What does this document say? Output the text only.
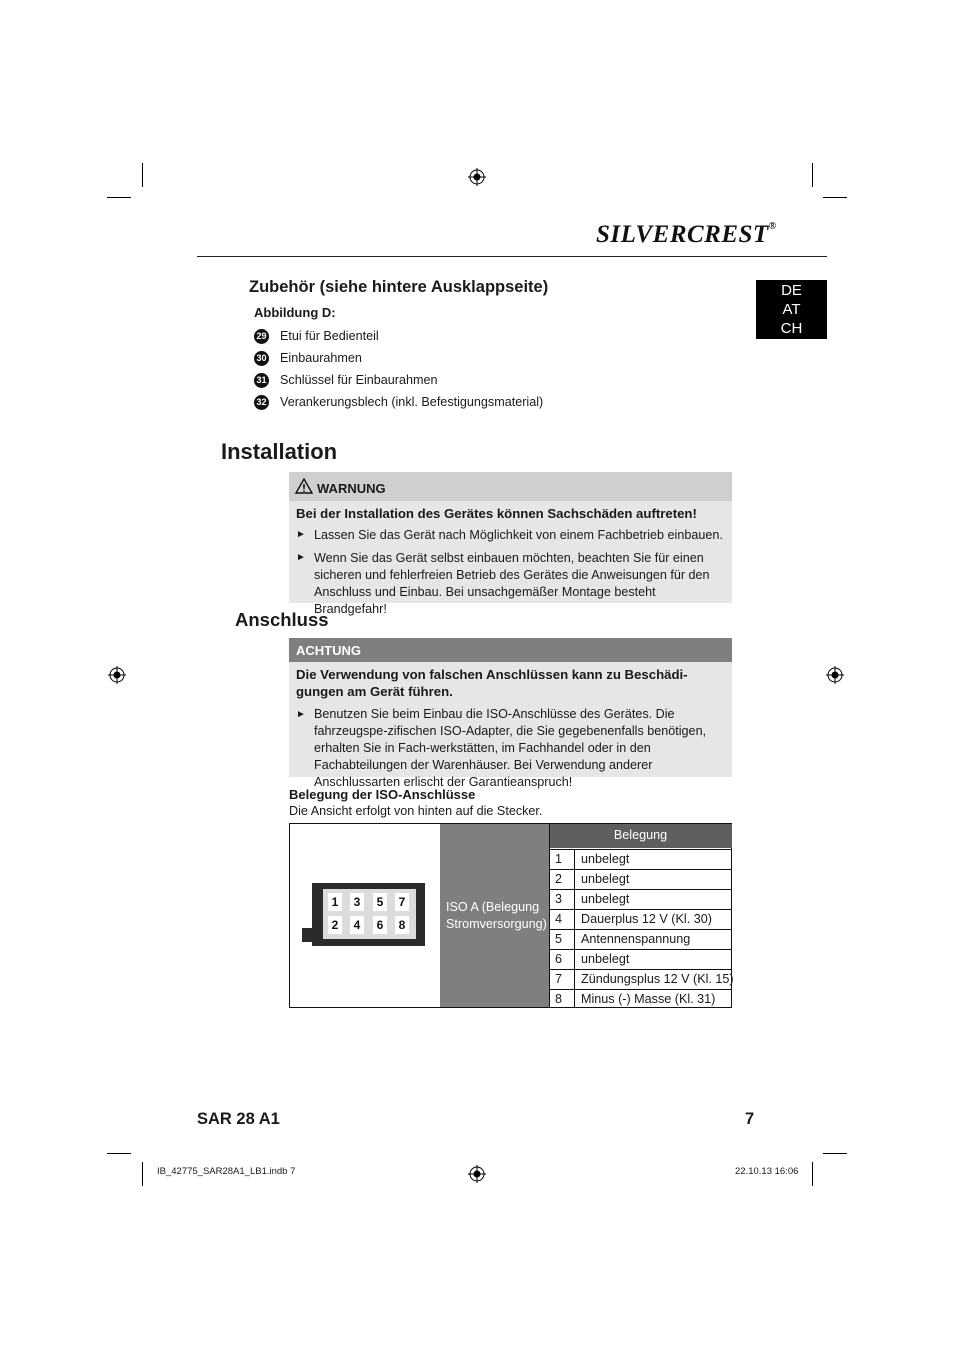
SILVERCREST®
DE
AT
CH
Zubehör (siehe hintere Ausklappseite)
Abbildung D:
29 Etui für Bedienteil
30 Einbaurahmen
31 Schlüssel für Einbaurahmen
32 Verankerungsblech (inkl. Befestigungsmaterial)
Installation
WARNUNG
Bei der Installation des Gerätes können Sachschäden auftreten!
► Lassen Sie das Gerät nach Möglichkeit von einem Fachbetrieb einbauen.
► Wenn Sie das Gerät selbst einbauen möchten, beachten Sie für einen sicheren und fehlerfreien Betrieb des Gerätes die Anweisungen für den Anschluss und Einbau. Bei unsachgemäßer Montage besteht Brandgefahr!
Anschluss
ACHTUNG
Die Verwendung von falschen Anschlüssen kann zu Beschädi-gungen am Gerät führen.
► Benutzen Sie beim Einbau die ISO-Anschlüsse des Gerätes. Die fahrzeugspe-zifischen ISO-Adapter, die Sie gegebenenfalls benötigen, erhalten Sie in Fach-werkstätten, im Fachhandel oder in den Fachabteilungen der Warenhäuser. Bei Verwendung anderer Anschlussarten erlischt der Garantieanspruch!
Belegung der ISO-Anschlüsse
Die Ansicht erfolgt von hinten auf die Stecker.
1	3	5	7
2	4	6	8
ISO A (Belegung Stromversorgung)
Belegung
1	unbelegt
2	unbelegt
3	unbelegt
4	Dauerplus 12 V (Kl. 30)
5	Antennenspannung
6	unbelegt
7	Zündungsplus 12 V (Kl. 15)
8	Minus (-) Masse (Kl. 31)
SAR 28 A1	7
IB_42775_SAR28A1_LB1.indb 7	22.10.13 16:06
